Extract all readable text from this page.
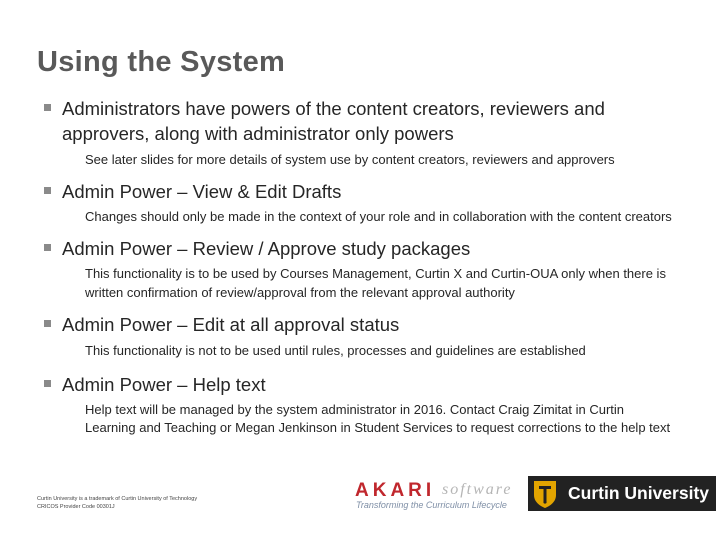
Using the System
Administrators have powers of the content creators, reviewers and approvers, along with administrator only powers
See later slides for more details of system use by content creators, reviewers and approvers
Admin Power – View & Edit Drafts
Changes should only be made in the context of your role and in collaboration with the content creators
Admin Power – Review / Approve study packages
This functionality is to be used by Courses Management, Curtin X and Curtin-OUA only when there is written confirmation of review/approval from the relevant approval authority
Admin Power – Edit at all approval status
This functionality is not to be used until rules, processes and guidelines are established
Admin Power – Help text
Help text will be managed by the system administrator in 2016. Contact Craig Zimitat in Curtin Learning and Teaching or Megan Jenkinson in Student Services to request corrections to the help text
Curtin University is a trademark of Curtin University of Technology
CRICOS Provider Code 00301J
AKARI software
Transforming the Curriculum Lifecycle
Curtin University
